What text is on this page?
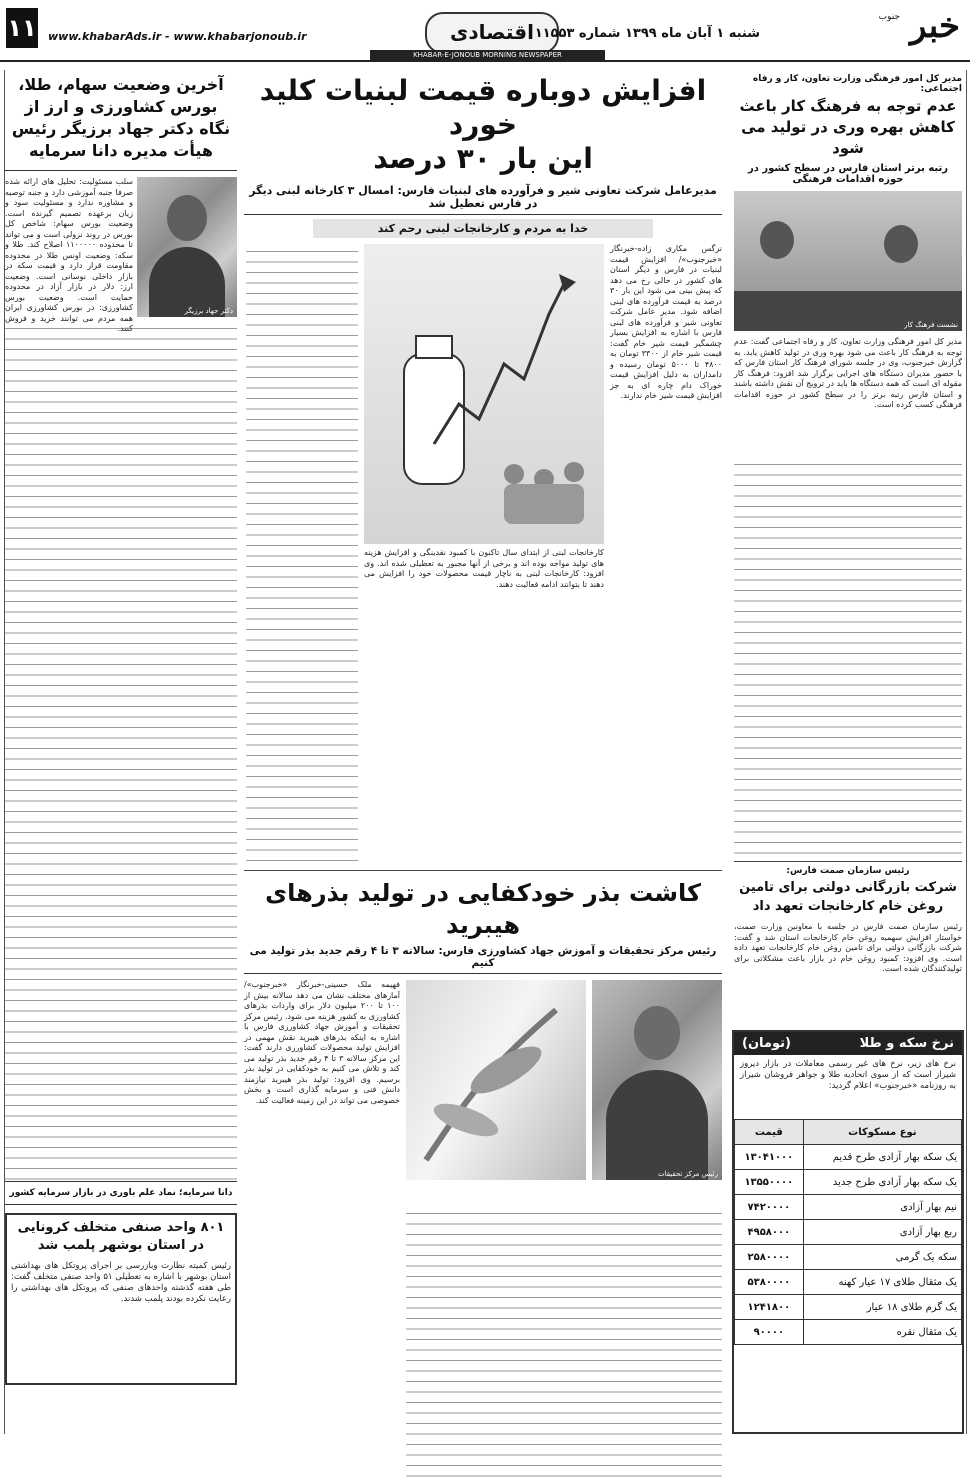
۱۱ www.khabarAds.ir - www.khabarjonoub.ir	اقتصادی شنبه ۱ آبان ماه ۱۳۹۹ شماره ۱۱۵۵۳	خبر
جنوب
KHABAR-E-JONOUB MORNING NEWSPAPER
آخرین وضعیت سهام، طلا، بورس کشاورزی و ارز از نگاه دکتر جهاد برزیگر رئیس هیأت مدیره دانا سرمایه
دکتر جهاد برزیگر
سلب مسئولیت: تحلیل های ارائه شده صرفا جنبه آموزشی دارد و جنبه توصیه و مشاوره ندارد و مسئولیت سود و زیان برعهده تصمیم گیرنده است. وضعیت بورس سهام: شاخص کل بورس در روند نزولی است و می تواند تا محدوده ۱۱۰۰۰۰۰ اصلاح کند. طلا و سکه: وضعیت اونس طلا در محدوده مقاومت قرار دارد و قیمت سکه در بازار داخلی نوسانی است. وضعیت ارز: دلار در بازار آزاد در محدوده حمایت است. وضعیت بورس کشاورزی: در بورس کشاورزی ایران همه مردم می توانند خرید و فروش کنند.
دانا سرمایه؛ نماد علم باوری در بازار سرمایه کشور
۸۰۱ واحد صنفی متخلف کرونایی در استان بوشهر پلمب شد
رئیس کمیته نظارت وبازرسی بر اجرای پروتکل های بهداشتی استان بوشهر با اشاره به تعطیلی ۵۱ واحد صنفی متخلف گفت: طی هفته گذشته واحدهای صنفی که پروتکل های بهداشتی را رعایت نکرده بودند پلمب شدند.
افزایش دوباره قیمت لبنیات کلید خورد
این بار ۳۰ درصد
مدیرعامل شرکت تعاونی شیر و فرآورده های لبنیات فارس: امسال ۳ کارخانه لبنی دیگر در فارس تعطیل شد
خدا به مردم و کارخانجات لبنی رحم کند
نرگس مکاری زاده-خبرنگار «خبرجنوب»/ افزایش قیمت لبنیات در فارس و دیگر استان های کشور در حالی رخ می دهد که پیش بینی می شود این بار ۳۰ درصد به قیمت فرآورده های لبنی اضافه شود. مدیر عامل شرکت تعاونی شیر و فرآورده های لبنی فارس با اشاره به افزایش بسیار چشمگیر قیمت شیر خام گفت: قیمت شیر خام از ۳۳۰۰ تومان به ۴۸۰۰ تا ۵۰۰۰ تومان رسیده و دامداران به دلیل افزایش قیمت خوراک دام چاره ای به جز افزایش قیمت شیر خام ندارند.
کارخانجات لبنی از ابتدای سال تاکنون با کمبود نقدینگی و افزایش هزینه های تولید مواجه بوده اند و برخی از آنها مجبور به تعطیلی شده اند. وی افزود: کارخانجات لبنی به ناچار قیمت محصولات خود را افزایش می دهند تا بتوانند ادامه فعالیت دهند.
کاشت بذر خودکفایی در تولید بذرهای هیبرید
رئیس مرکز تحقیقات و آموزش جهاد کشاورزی فارس: سالانه ۳ تا ۴ رقم جدید بذر تولید می کنیم
رئیس مرکز تحقیقات
فهیمه ملک حسینی-خبرنگار «خبرجنوب»/ آمارهای مختلف نشان می دهد سالانه بیش از ۱۰۰ تا ۲۰۰ میلیون دلار برای واردات بذرهای کشاورزی به کشور هزینه می شود. رئیس مرکز تحقیقات و آموزش جهاد کشاورزی فارس با اشاره به اینکه بذرهای هیبرید نقش مهمی در افزایش تولید محصولات کشاورزی دارند گفت: این مرکز سالانه ۳ تا ۴ رقم جدید بذر تولید می کند و تلاش می کنیم به خودکفایی در تولید بذر برسیم. وی افزود: تولید بذر هیبرید نیازمند دانش فنی و سرمایه گذاری است و بخش خصوصی می تواند در این زمینه فعالیت کند.
مدیر کل امور فرهنگی وزارت تعاون، کار و رفاه اجتماعی:
عدم توجه به فرهنگ کار باعث کاهش بهره وری در تولید می شود
رتبه برتر استان فارس در سطح کشور در حوزه اقدامات فرهنگی
نشست فرهنگ کار
مدیر کل امور فرهنگی وزارت تعاون، کار و رفاه اجتماعی گفت: عدم توجه به فرهنگ کار باعث می شود بهره وری در تولید کاهش یابد. به گزارش خبرجنوب، وی در جلسه شورای فرهنگ کار استان فارس که با حضور مدیران دستگاه های اجرایی برگزار شد افزود: فرهنگ کار مقوله ای است که همه دستگاه ها باید در ترویج آن نقش داشته باشند و استان فارس رتبه برتر را در سطح کشور در حوزه اقدامات فرهنگی کسب کرده است.
رئیس سازمان صمت فارس:
شرکت بازرگانی دولتی برای تامین روغن خام کارخانجات تعهد داد
رئیس سازمان صمت فارس در جلسه با معاونین وزارت صمت، خواستار افزایش سهمیه روغن خام کارخانجات استان شد و گفت: شرکت بازرگانی دولتی برای تامین روغن خام کارخانجات تعهد داده است. وی افزود: کمبود روغن خام در بازار باعث مشکلاتی برای تولیدکنندگان شده است.
نرخ سکه و طلا
(تومان)
نرخ های زیر، نرخ های غیر رسمی معاملات در بازار دیروز شیراز است که از سوی اتحادیه طلا و جواهر فروشان شیراز به روزنامه «خبرجنوب» اعلام گردید:
نوع مسکوکات	قیمت
یک سکه بهار آزادی طرح قدیم	۱۳۰۴۱۰۰۰
یک سکه بهار آزادی طرح جدید	۱۳۵۵۰۰۰۰
نیم بهار آزادی	۷۴۲۰۰۰۰
ربع بهار آزادی	۴۹۵۸۰۰۰
سکه یک گرمی	۲۵۸۰۰۰۰
یک مثقال طلای ۱۷ عیار کهنه	۵۳۸۰۰۰۰
یک گرم طلای ۱۸ عیار	۱۲۴۱۸۰۰
یک مثقال نقره	۹۰۰۰۰
